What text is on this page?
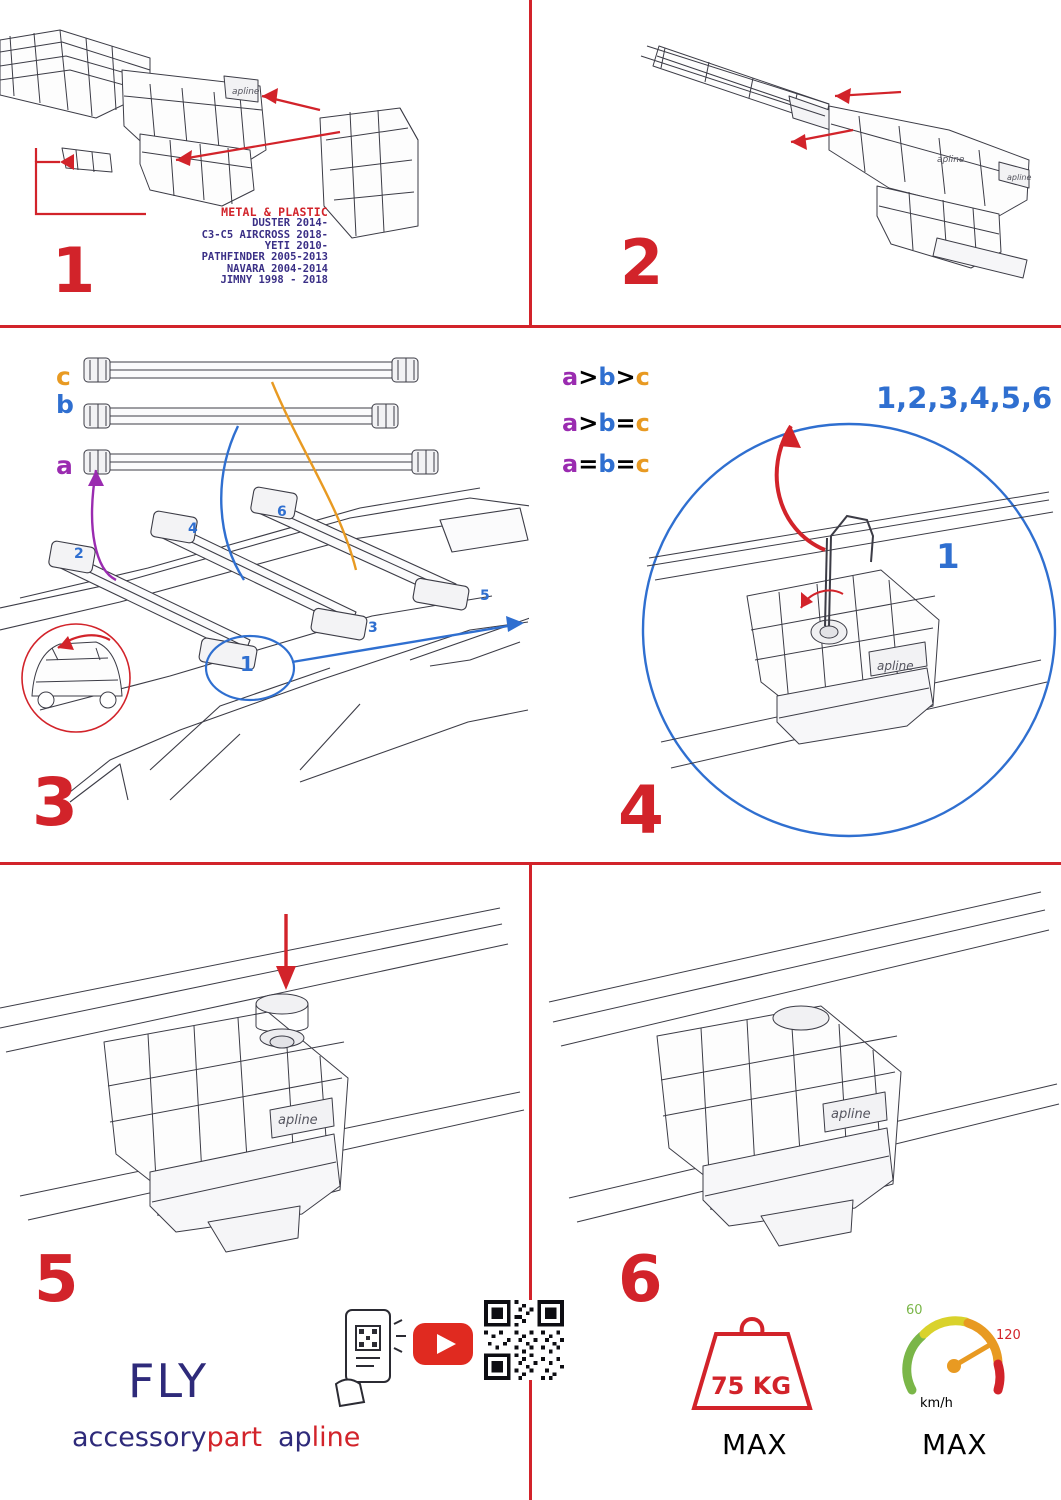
apline
1
METAL & PLASTIC
DUSTER 2014-
C3-C5 AIRCROSS 2018-
YETI 2010-
PATHFINDER 2005-2013
NAVARA 2004-2014
JIMNY 1998 - 2018
apline
apline
2
c
b
a
a>b>c
a>b=c
a=b=c
2
4
6
3
5
1
3
apline
1,2,3,4,5,6
1
4
apline
5
FLY
accessorypart apline
apline
6
75 KG
MAX
60
120
km/h
MAX
